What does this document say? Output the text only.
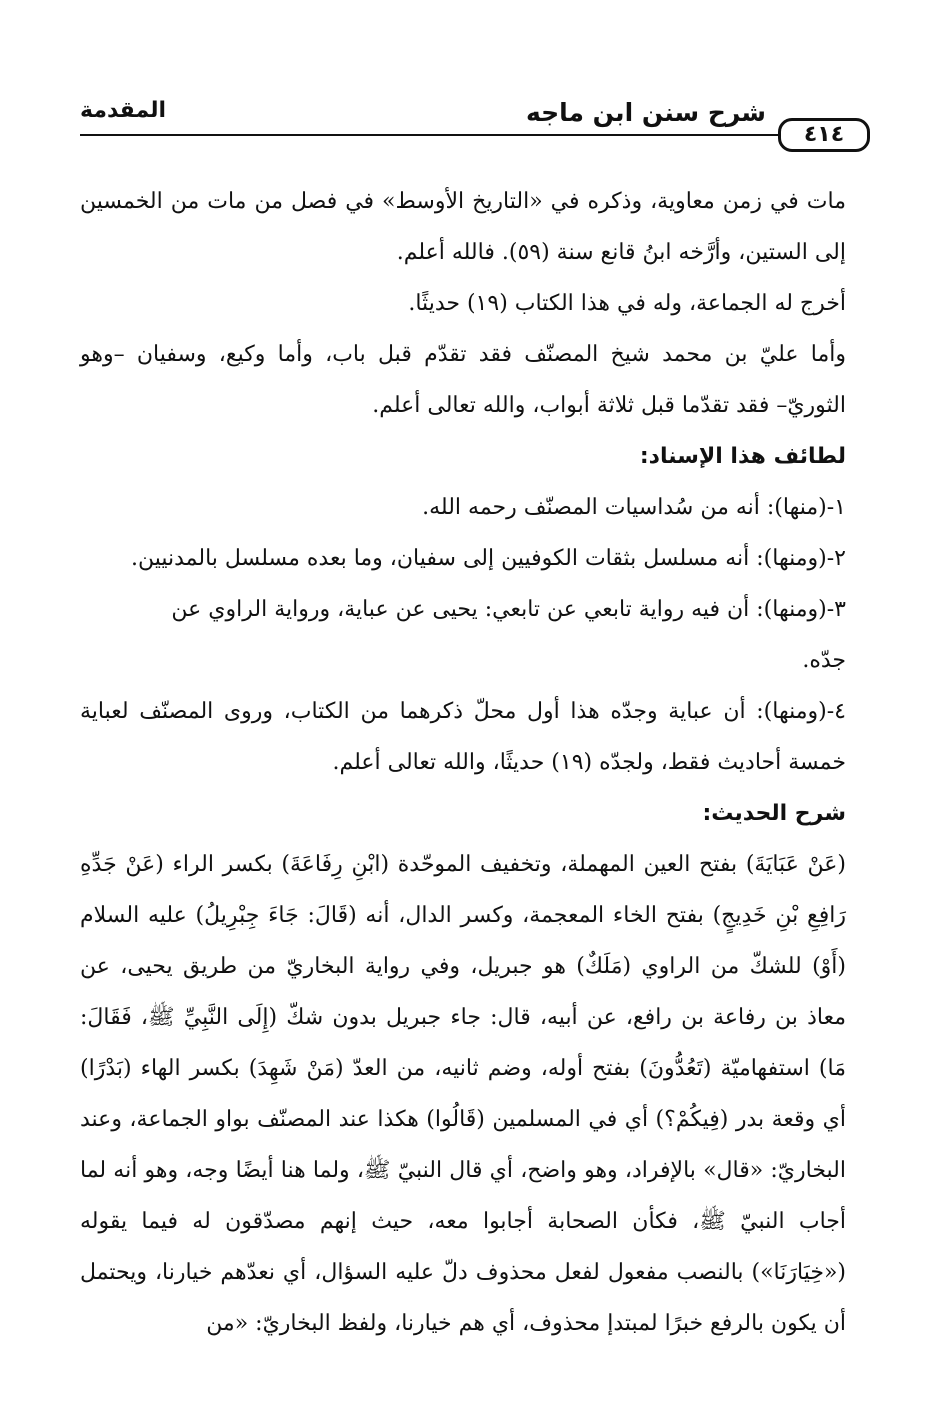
٤١٤
شرح سنن ابن ماجه
المقدمة

مات في زمن معاوية، وذكره في «التاريخ الأوسط» في فصل من مات من الخمسين إلى الستين، وأرَّخه ابنُ قانع سنة (٥٩). فالله أعلم.

أخرج له الجماعة، وله في هذا الكتاب (١٩) حديثًا.

وأما عليّ بن محمد شيخ المصنّف فقد تقدّم قبل باب، وأما وكيع، وسفيان –وهو الثوريّ– فقد تقدّما قبل ثلاثة أبواب، والله تعالى أعلم.

لطائف هذا الإسناد:

١-(منها): أنه من سُداسيات المصنّف رحمه الله.

٢-(ومنها): أنه مسلسل بثقات الكوفيين إلى سفيان، وما بعده مسلسل بالمدنيين.

٣-(ومنها): أن فيه رواية تابعي عن تابعي: يحيى عن عباية، ورواية الراوي عن

جدّه.

٤-(ومنها): أن عباية وجدّه هذا أول محلّ ذكرهما من الكتاب، وروى المصنّف لعباية خمسة أحاديث فقط، ولجدّه (١٩) حديثًا، والله تعالى أعلم.

شرح الحديث:

(عَنْ عَبَايَةَ) بفتح العين المهملة، وتخفيف الموحّدة (ابْنِ رِفَاعَةَ) بكسر الراء (عَنْ جَدِّهِ رَافِعِ بْنِ خَدِيجٍ) بفتح الخاء المعجمة، وكسر الدال، أنه (قَالَ: جَاءَ جِبْرِيلُ) عليه السلام (أَوْ) للشكّ من الراوي (مَلَكٌ) هو جبريل، وفي رواية البخاريّ من طريق يحيى، عن معاذ بن رفاعة بن رافع، عن أبيه، قال: جاء جبريل بدون شكّ (إِلَى النَّبِيِّ ﷺ، فَقَالَ: مَا) استفهاميّة (تَعُدُّونَ) بفتح أوله، وضم ثانيه، من العدّ (مَنْ شَهِدَ) بكسر الهاء (بَدْرًا) أي وقعة بدر (فِيكُمْ؟) أي في المسلمين (قَالُوا) هكذا عند المصنّف بواو الجماعة، وعند البخاريّ: «قال» بالإفراد، وهو واضح، أي قال النبيّ ﷺ، ولما هنا أيضًا وجه، وهو أنه لما أجاب النبيّ ﷺ، فكأن الصحابة أجابوا معه، حيث إنهم مصدّقون له فيما يقوله («خِيَارَنَا») بالنصب مفعول لفعل محذوف دلّ عليه السؤال، أي نعدّهم خيارنا، ويحتمل أن يكون بالرفع خبرًا لمبتدإ محذوف، أي هم خيارنا، ولفظ البخاريّ: «من
